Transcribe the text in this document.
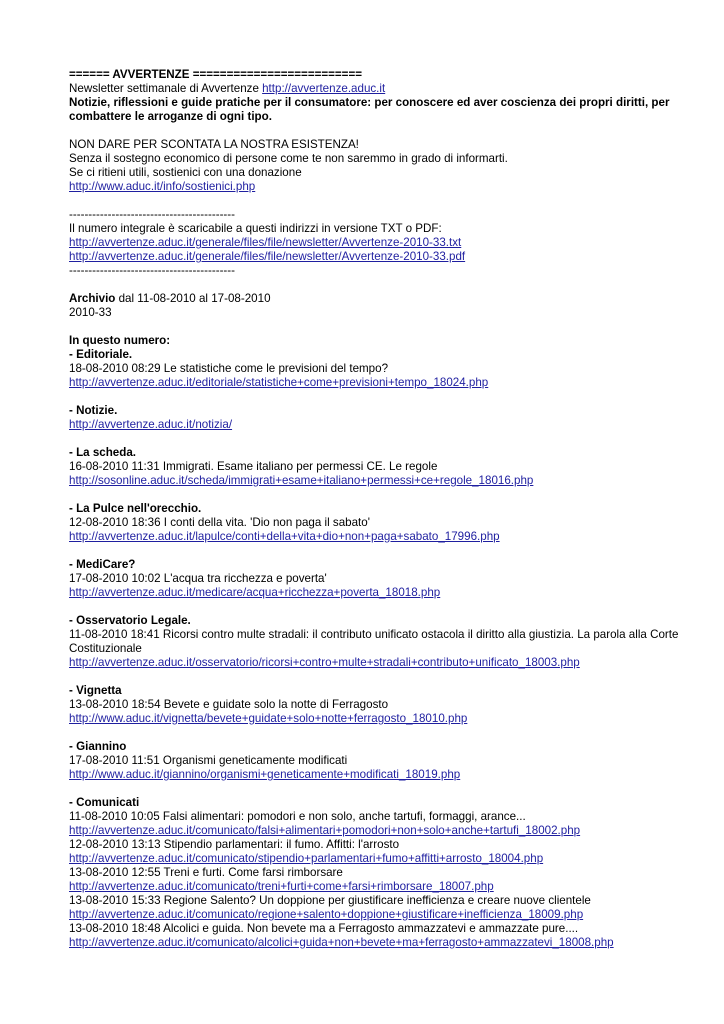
====== AVVERTENZE =========================
Newsletter settimanale di Avvertenze http://avvertenze.aduc.it
Notizie, riflessioni e guide pratiche per il consumatore: per conoscere ed aver coscienza dei propri diritti, per combattere le arroganze di ogni tipo.
NON DARE PER SCONTATA LA NOSTRA ESISTENZA!
Senza il sostegno economico di persone come te non saremmo in grado di informarti.
Se ci ritieni utili, sostienici con una donazione
http://www.aduc.it/info/sostienici.php
-------------------------------------------
Il numero integrale è scaricabile a questi indirizzi in versione TXT o PDF:
http://avvertenze.aduc.it/generale/files/file/newsletter/Avvertenze-2010-33.txt
http://avvertenze.aduc.it/generale/files/file/newsletter/Avvertenze-2010-33.pdf
-------------------------------------------
Archivio dal 11-08-2010 al 17-08-2010
2010-33
In questo numero:
- Editoriale.
18-08-2010 08:29 Le statistiche come le previsioni del tempo?
http://avvertenze.aduc.it/editoriale/statistiche+come+previsioni+tempo_18024.php
- Notizie.
http://avvertenze.aduc.it/notizia/
- La scheda.
16-08-2010 11:31 Immigrati. Esame italiano per permessi CE. Le regole
http://sosonline.aduc.it/scheda/immigrati+esame+italiano+permessi+ce+regole_18016.php
- La Pulce nell'orecchio.
12-08-2010 18:36 I conti della vita. 'Dio non paga il sabato'
http://avvertenze.aduc.it/lapulce/conti+della+vita+dio+non+paga+sabato_17996.php
- MediCare?
17-08-2010 10:02 L'acqua tra ricchezza e poverta'
http://avvertenze.aduc.it/medicare/acqua+ricchezza+poverta_18018.php
- Osservatorio Legale.
11-08-2010 18:41 Ricorsi contro multe stradali: il contributo unificato ostacola il diritto alla giustizia. La parola alla Corte Costituzionale
http://avvertenze.aduc.it/osservatorio/ricorsi+contro+multe+stradali+contributo+unificato_18003.php
- Vignetta
13-08-2010 18:54 Bevete e guidate solo la notte di Ferragosto
http://www.aduc.it/vignetta/bevete+guidate+solo+notte+ferragosto_18010.php
- Giannino
17-08-2010 11:51 Organismi geneticamente modificati
http://www.aduc.it/giannino/organismi+geneticamente+modificati_18019.php
- Comunicati
11-08-2010 10:05 Falsi alimentari: pomodori e non solo, anche tartufi, formaggi, arance...
http://avvertenze.aduc.it/comunicato/falsi+alimentari+pomodori+non+solo+anche+tartufi_18002.php
12-08-2010 13:13 Stipendio parlamentari: il fumo. Affitti: l'arrosto
http://avvertenze.aduc.it/comunicato/stipendio+parlamentari+fumo+affitti+arrosto_18004.php
13-08-2010 12:55 Treni e furti. Come farsi rimborsare
http://avvertenze.aduc.it/comunicato/treni+furti+come+farsi+rimborsare_18007.php
13-08-2010 15:33 Regione Salento? Un doppione per giustificare inefficienza e creare nuove clientele
http://avvertenze.aduc.it/comunicato/regione+salento+doppione+giustificare+inefficienza_18009.php
13-08-2010 18:48 Alcolici e guida. Non bevete ma a Ferragosto ammazzatevi e ammazzate pure....
http://avvertenze.aduc.it/comunicato/alcolici+guida+non+bevete+ma+ferragosto+ammazzatevi_18008.php
